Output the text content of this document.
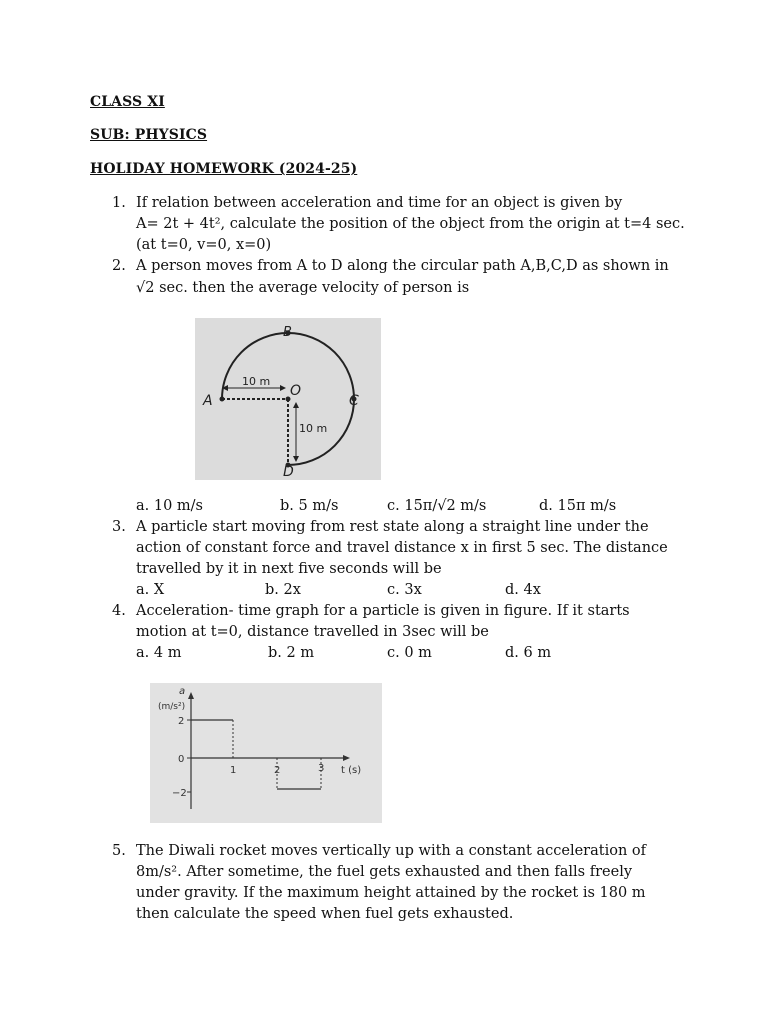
CLASS XI
SUB: PHYSICS
HOLIDAY HOMEWORK (2024-25)
1. If relation between acceleration and time for an object is given by
A= 2t + 4t², calculate the position of the object from the origin at t=4 sec.
(at t=0, v=0, x=0)
2. A person moves from A to D along the circular path A,B,C,D as shown in
√2 sec. then the average velocity of person is
A
B
C
D
O
10 m
10 m
a. 10 m/s	b. 5 m/s	c. 15π/√2 m/s	d. 15π m/s
3. A particle start moving from rest state along a straight line under the
action of constant force and travel distance x in first 5 sec. The distance
travelled by it in next five seconds will be
a. X	b. 2x	c. 3x	d. 4x
4. Acceleration- time graph for a particle is given in figure. If it starts
motion at t=0, distance travelled in 3sec will be
a. 4 m	b. 2 m	c. 0 m	d. 6 m
a
(m/s²)
2
0
−2
1	2	3 t (s)
5. The Diwali rocket moves vertically up with a constant acceleration of
8m/s². After sometime, the fuel gets exhausted and then falls freely
under gravity. If the maximum height attained by the rocket is 180 m
then calculate the speed when fuel gets exhausted.
